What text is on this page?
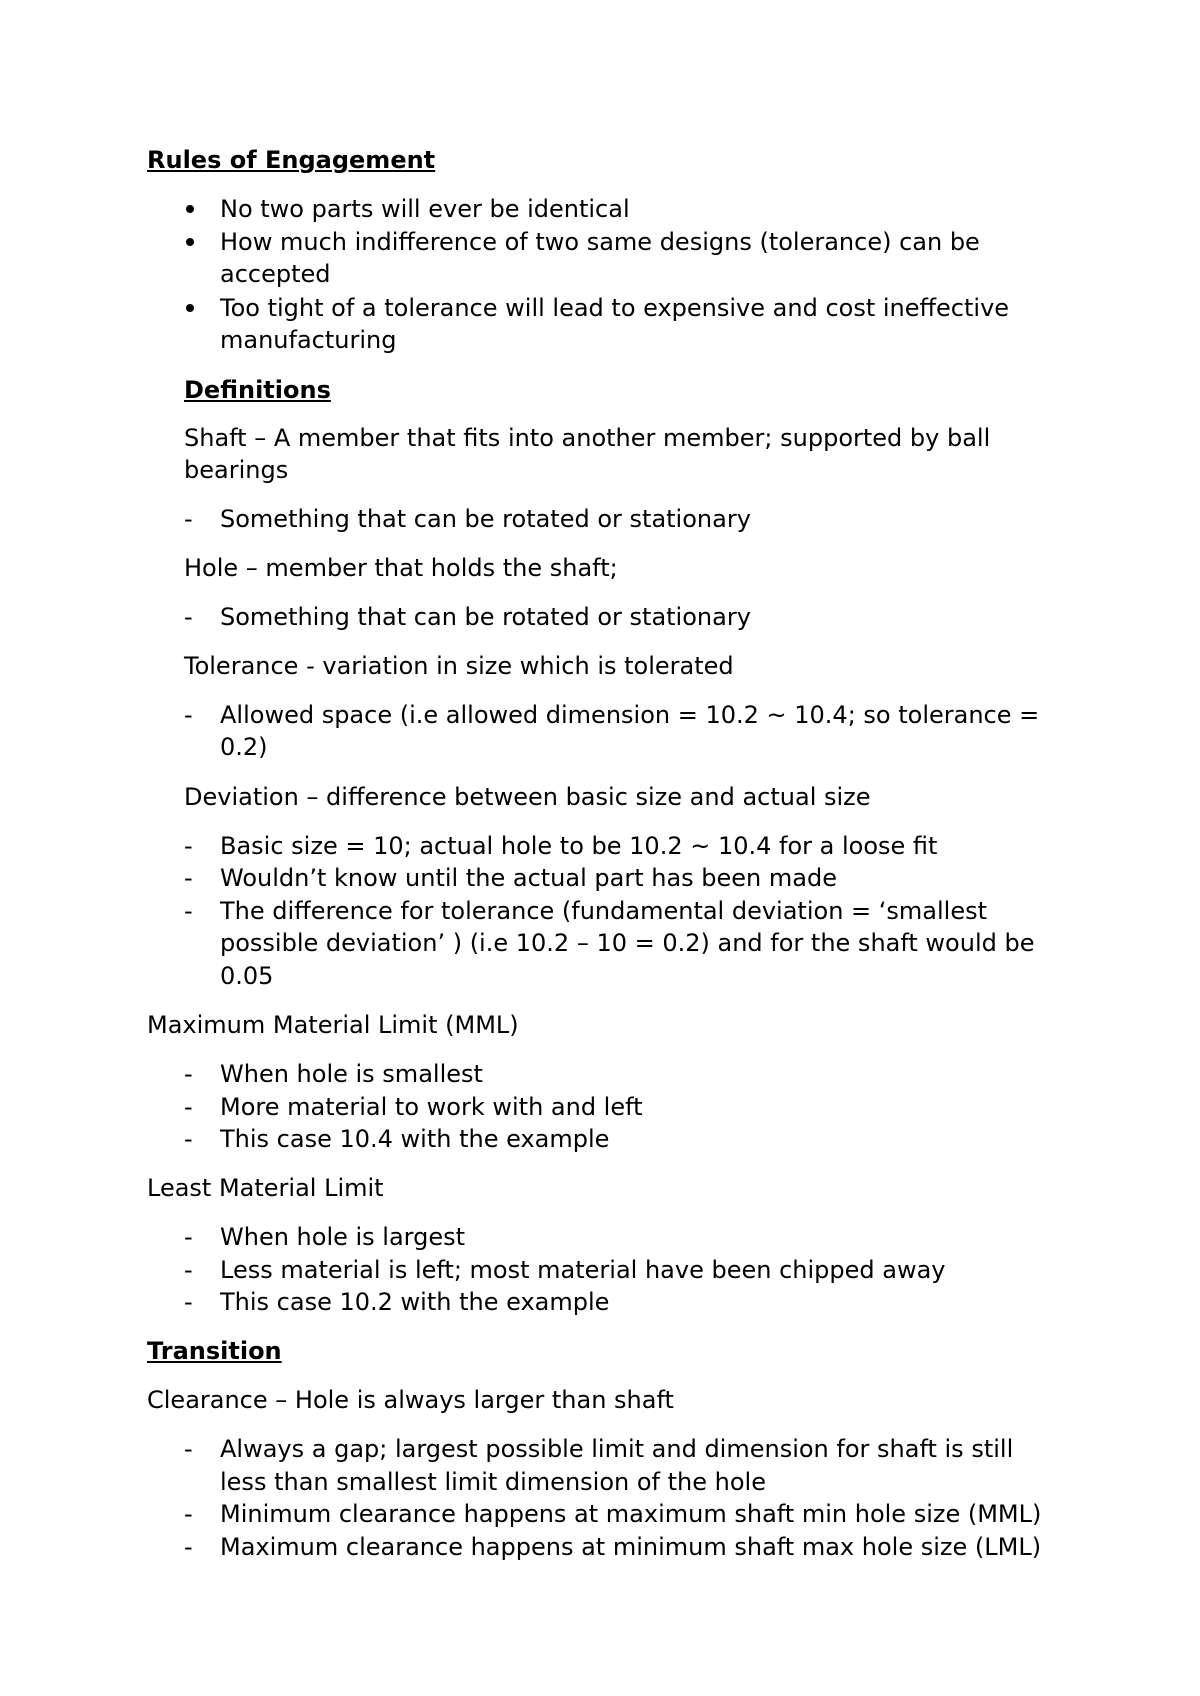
Rules of Engagement
No two parts will ever be identical
How much indifference of two same designs (tolerance) can be
accepted
Too tight of a tolerance will lead to expensive and cost ineffective
manufacturing
Definitions
Shaft – A member that fits into another member; supported by ball
bearings
- Something that can be rotated or stationary
Hole – member that holds the shaft;
- Something that can be rotated or stationary
Tolerance - variation in size which is tolerated
- Allowed space (i.e allowed dimension = 10.2 ~ 10.4; so tolerance =
0.2)
Deviation – difference between basic size and actual size
- Basic size = 10; actual hole to be 10.2 ~ 10.4 for a loose fit
- Wouldn’t know until the actual part has been made
- The difference for tolerance (fundamental deviation = ‘smallest
possible deviation’ ) (i.e 10.2 – 10 = 0.2) and for the shaft would be
0.05
Maximum Material Limit (MML)
- When hole is smallest
- More material to work with and left
- This case 10.4 with the example
Least Material Limit
- When hole is largest
- Less material is left; most material have been chipped away
- This case 10.2 with the example
Transition
Clearance – Hole is always larger than shaft
- Always a gap; largest possible limit and dimension for shaft is still
less than smallest limit dimension of the hole
- Minimum clearance happens at maximum shaft min hole size (MML)
- Maximum clearance happens at minimum shaft max hole size (LML)
